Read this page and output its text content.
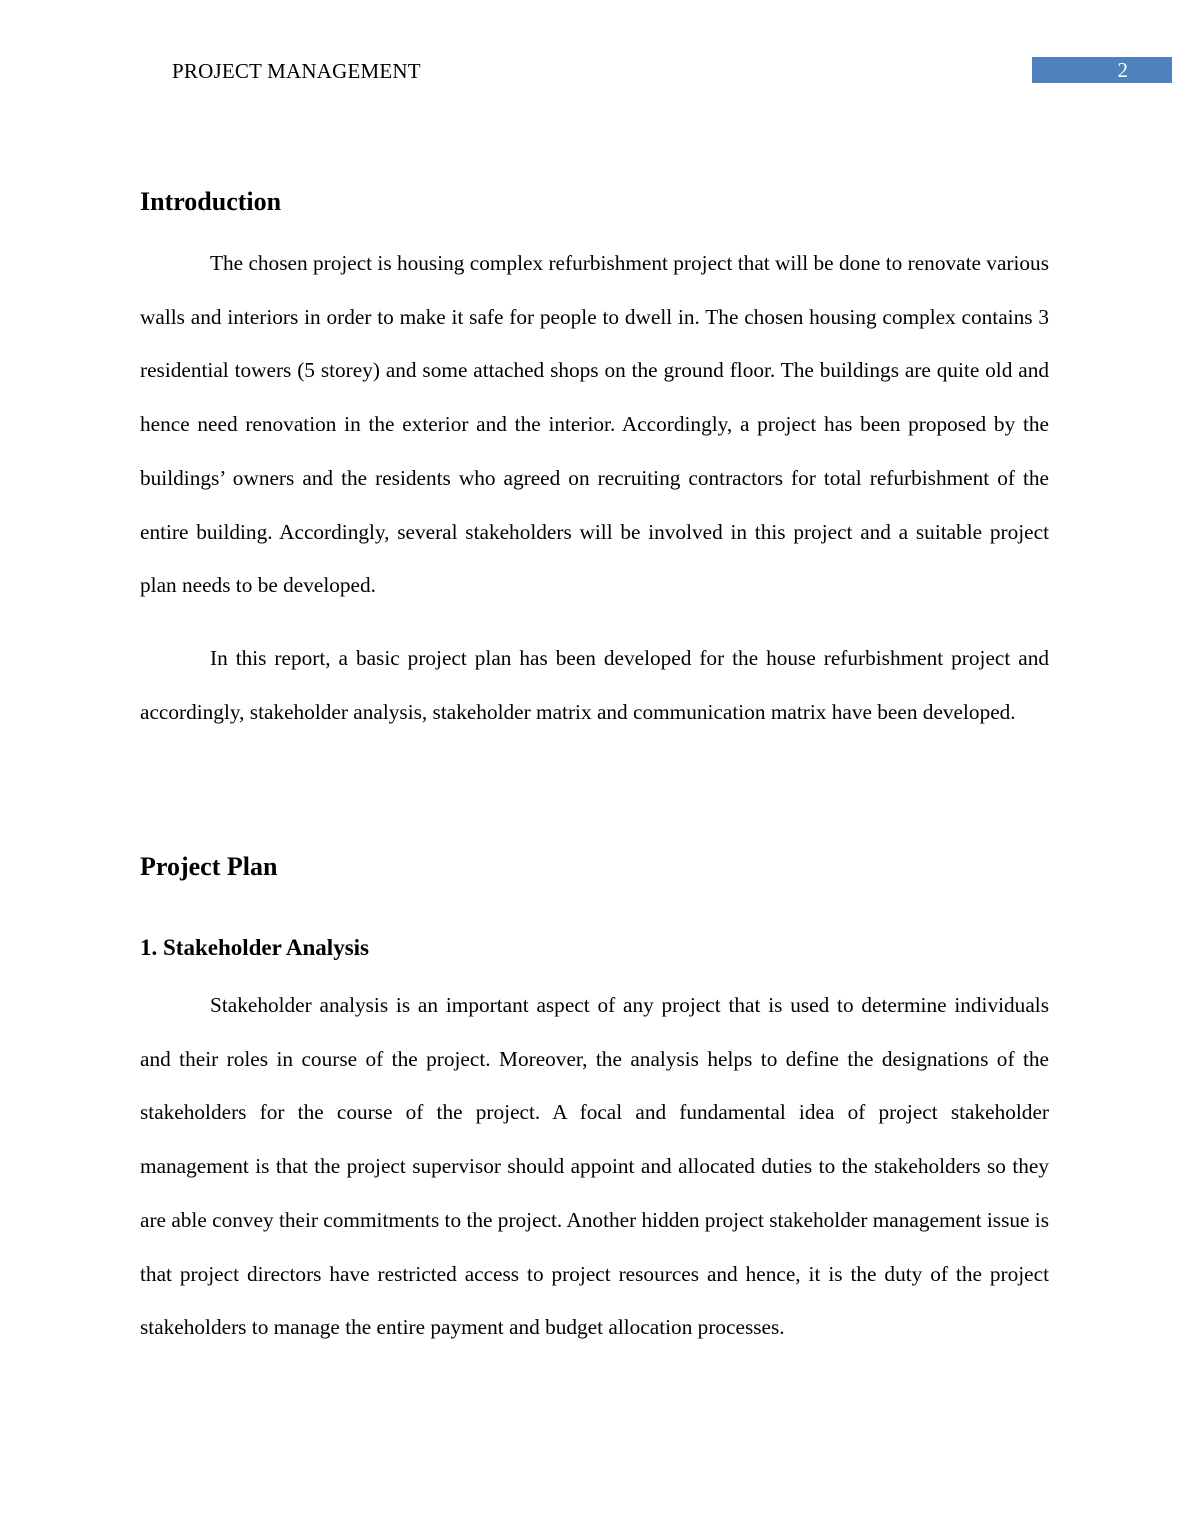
PROJECT MANAGEMENT	2
Introduction

The chosen project is housing complex refurbishment project that will be done to renovate various walls and interiors in order to make it safe for people to dwell in. The chosen housing complex contains 3 residential towers (5 storey) and some attached shops on the ground floor. The buildings are quite old and hence need renovation in the exterior and the interior. Accordingly, a project has been proposed by the buildings’ owners and the residents who agreed on recruiting contractors for total refurbishment of the entire building. Accordingly, several stakeholders will be involved in this project and a suitable project plan needs to be developed.

In this report, a basic project plan has been developed for the house refurbishment project and accordingly, stakeholder analysis, stakeholder matrix and communication matrix have been developed.

Project Plan
1. Stakeholder Analysis

Stakeholder analysis is an important aspect of any project that is used to determine individuals and their roles in course of the project. Moreover, the analysis helps to define the designations of the stakeholders for the course of the project. A focal and fundamental idea of project stakeholder management is that the project supervisor should appoint and allocated duties to the stakeholders so they are able convey their commitments to the project. Another hidden project stakeholder management issue is that project directors have restricted access to project resources and hence, it is the duty of the project stakeholders to manage the entire payment and budget allocation processes.
